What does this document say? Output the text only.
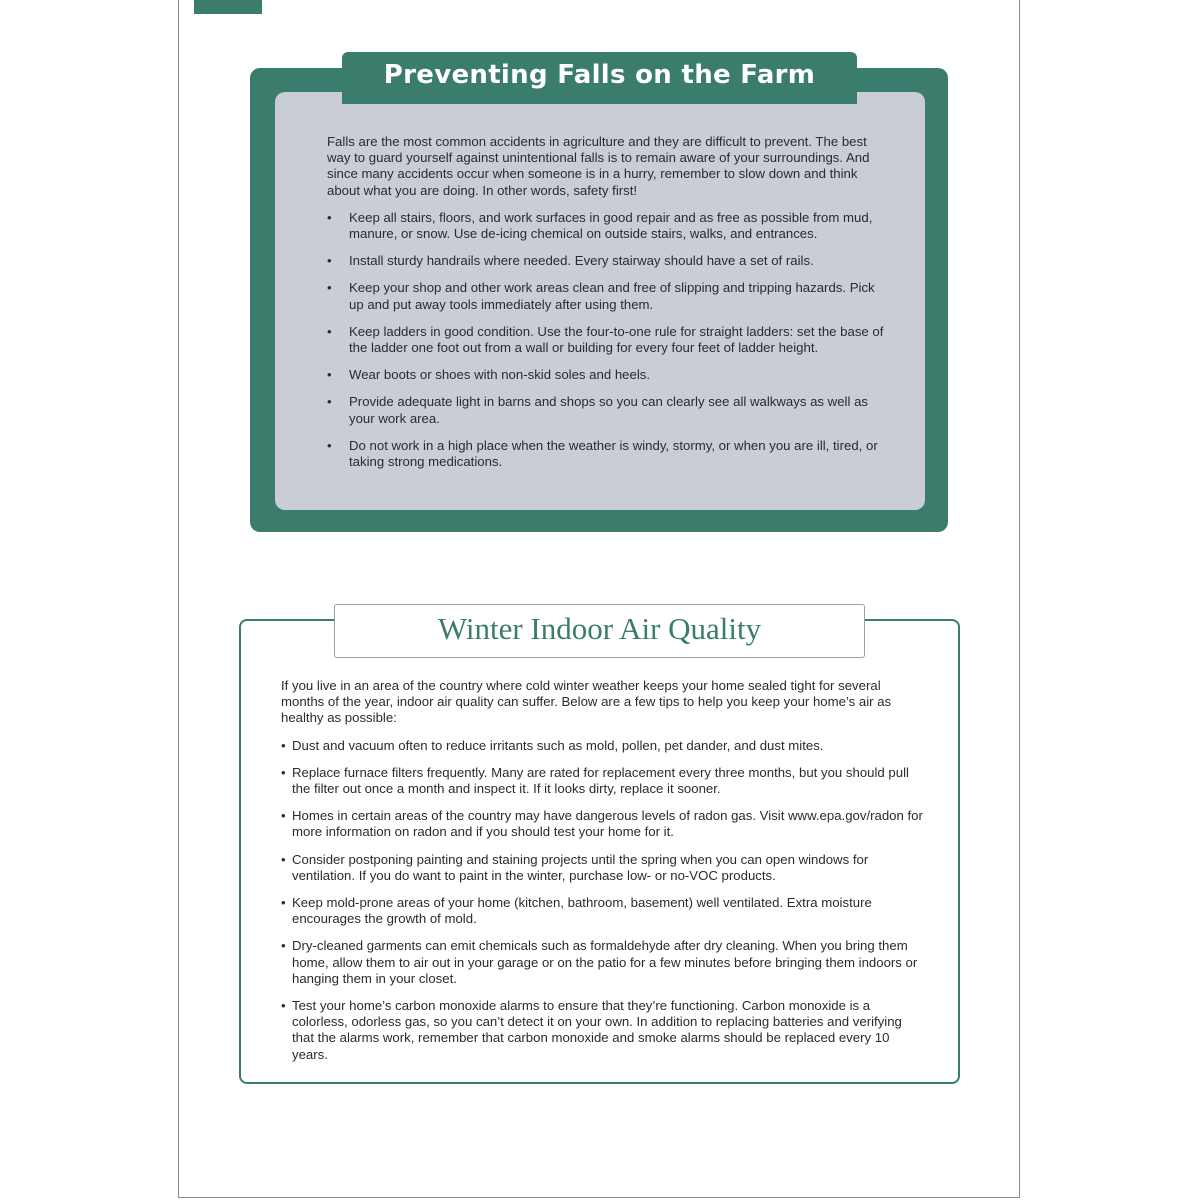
Preventing Falls on the Farm

Falls are the most common accidents in agriculture and they are difficult to prevent. The best way to guard yourself against unintentional falls is to remain aware of your surroundings. And since many accidents occur when someone is in a hurry, remember to slow down and think about what you are doing. In other words, safety first!

• Keep all stairs, floors, and work surfaces in good repair and as free as possible from mud, manure, or snow. Use de-icing chemical on outside stairs, walks, and entrances.
• Install sturdy handrails where needed. Every stairway should have a set of rails.
• Keep your shop and other work areas clean and free of slipping and tripping hazards. Pick up and put away tools immediately after using them.
• Keep ladders in good condition. Use the four-to-one rule for straight ladders: set the base of the ladder one foot out from a wall or building for every four feet of ladder height.
• Wear boots or shoes with non-skid soles and heels.
• Provide adequate light in barns and shops so you can clearly see all walkways as well as your work area.
• Do not work in a high place when the weather is windy, stormy, or when you are ill, tired, or taking strong medications.
Winter Indoor Air Quality

If you live in an area of the country where cold winter weather keeps your home sealed tight for several months of the year, indoor air quality can suffer. Below are a few tips to help you keep your home’s air as healthy as possible:

• Dust and vacuum often to reduce irritants such as mold, pollen, pet dander, and dust mites.
• Replace furnace filters frequently. Many are rated for replacement every three months, but you should pull the filter out once a month and inspect it. If it looks dirty, replace it sooner.
• Homes in certain areas of the country may have dangerous levels of radon gas. Visit www.epa.gov/radon for more information on radon and if you should test your home for it.
• Consider postponing painting and staining projects until the spring when you can open windows for ventilation. If you do want to paint in the winter, purchase low- or no-VOC products.
• Keep mold-prone areas of your home (kitchen, bathroom, basement) well ventilated. Extra moisture encourages the growth of mold.
• Dry-cleaned garments can emit chemicals such as formaldehyde after dry cleaning. When you bring them home, allow them to air out in your garage or on the patio for a few minutes before bringing them indoors or hanging them in your closet.
• Test your home’s carbon monoxide alarms to ensure that they’re functioning. Carbon monoxide is a colorless, odorless gas, so you can’t detect it on your own. In addition to replacing batteries and verifying that the alarms work, remember that carbon monoxide and smoke alarms should be replaced every 10 years.
